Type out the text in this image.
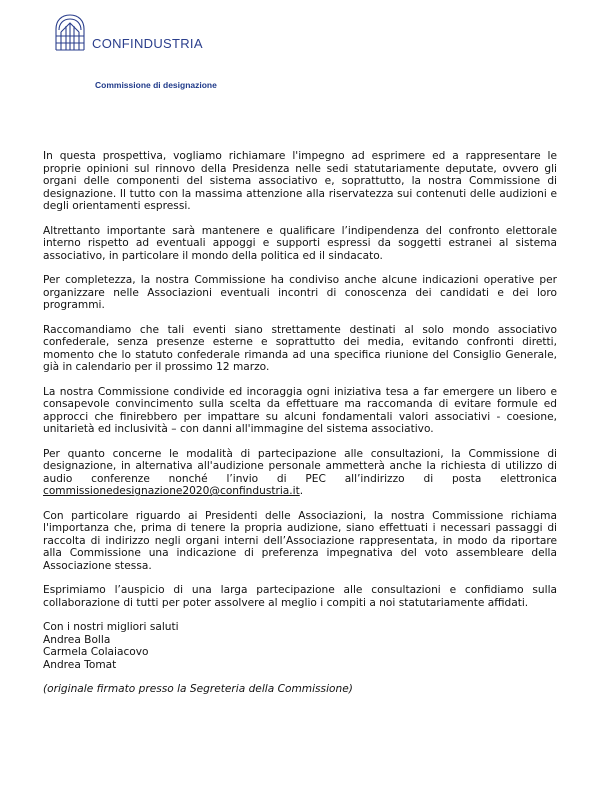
CONFINDUSTRIA
Commissione di designazione

In questa prospettiva, vogliamo richiamare l'impegno ad esprimere ed a rappresentare le proprie opinioni sul rinnovo della Presidenza nelle sedi statutariamente deputate, ovvero gli organi delle componenti del sistema associativo e, soprattutto, la nostra Commissione di designazione. Il tutto con la massima attenzione alla riservatezza sui contenuti delle audizioni e degli orientamenti espressi.

Altrettanto importante sarà mantenere e qualificare l’indipendenza del confronto elettorale interno rispetto ad eventuali appoggi e supporti espressi da soggetti estranei al sistema associativo, in particolare il mondo della politica ed il sindacato.

Per completezza, la nostra Commissione ha condiviso anche alcune indicazioni operative per organizzare nelle Associazioni eventuali incontri di conoscenza dei candidati e dei loro programmi.

Raccomandiamo che tali eventi siano strettamente destinati al solo mondo associativo confederale, senza presenze esterne e soprattutto dei media, evitando confronti diretti, momento che lo statuto confederale rimanda ad una specifica riunione del Consiglio Generale, già in calendario per il prossimo 12 marzo.

La nostra Commissione condivide ed incoraggia ogni iniziativa tesa a far emergere un libero e consapevole convincimento sulla scelta da effettuare ma raccomanda di evitare formule ed approcci che finirebbero per impattare su alcuni fondamentali valori associativi - coesione, unitarietà ed inclusività – con danni all'immagine del sistema associativo.

Per quanto concerne le modalità di partecipazione alle consultazioni, la Commissione di designazione, in alternativa all'audizione personale ammetterà anche la richiesta di utilizzo di audio conferenze nonché l’invio di PEC all’indirizzo di posta elettronica commissionedesignazione2020@confindustria.it.

Con particolare riguardo ai Presidenti delle Associazioni, la nostra Commissione richiama l'importanza che, prima di tenere la propria audizione, siano effettuati i necessari passaggi di raccolta di indirizzo negli organi interni dell’Associazione rappresentata, in modo da riportare alla Commissione una indicazione di preferenza impegnativa del voto assembleare della Associazione stessa.

Esprimiamo l’auspicio di una larga partecipazione alle consultazioni e confidiamo sulla collaborazione di tutti per poter assolvere al meglio i compiti a noi statutariamente affidati.

Con i nostri migliori saluti
Andrea Bolla
Carmela Colaiacovo
Andrea Tomat
(originale firmato presso la Segreteria della Commissione)
